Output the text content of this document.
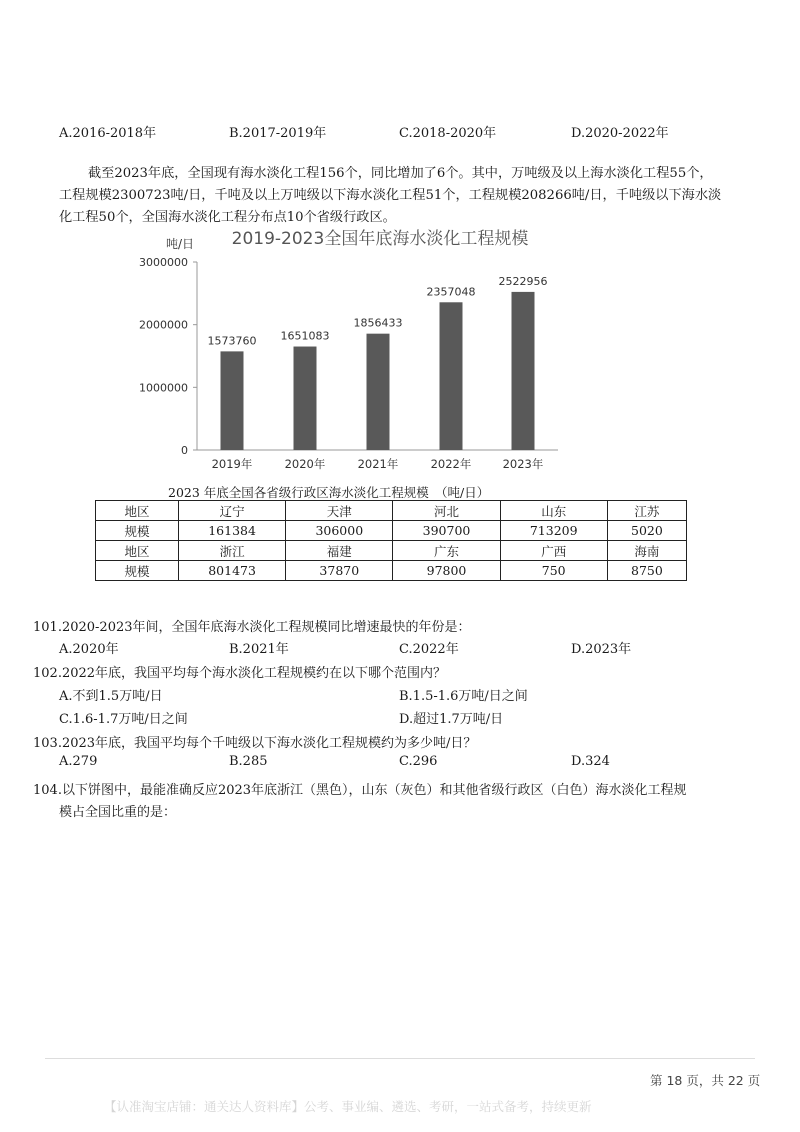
A.2016-2018年	B.2017-2019年	C.2018-2020年	D.2020-2022年
截至2023年底，全国现有海水淡化工程156个，同比增加了6个。其中，万吨级及以上海水淡化工程55个，
工程规模2300723吨/日，千吨及以上万吨级以下海水淡化工程51个，工程规模208266吨/日，千吨级以下海水淡
化工程50个，全国海水淡化工程分布点10个省级行政区。
2019-2023全国年底海水淡化工程规模
吨/日
0
1000000
2000000
3000000
1573760 1651083
1856433
2357048
2522956
2019年	2020年	2021年	2022年	2023年
2023 年底全国各省级行政区海水淡化工程规模　（吨/日）
地区	辽宁	天津	河北	山东	江苏
规模	161384	306000	390700	713209	5020
地区	浙江	福建	广东	广西	海南
规模	801473	37870	97800	750	8750
101.2020-2023年间，全国年底海水淡化工程规模同比增速最快的年份是：
A.2020年	B.2021年	C.2022年	D.2023年
102.2022年底，我国平均每个海水淡化工程规模约在以下哪个范围内？
A.不到1.5万吨/日	B.1.5-1.6万吨/日之间
C.1.6-1.7万吨/日之间	D.超过1.7万吨/日
103.2023年底，我国平均每个千吨级以下海水淡化工程规模约为多少吨/日？
A.279	B.285	C.296	D.324
104.以下饼图中，最能准确反应2023年底浙江（黑色），山东（灰色）和其他省级行政区（白色）海水淡化工程规
模占全国比重的是：
第 18 页，共 22 页
【认准淘宝店铺：通关达人资料库】公考、事业编、遴选、考研，一站式备考，持续更新
